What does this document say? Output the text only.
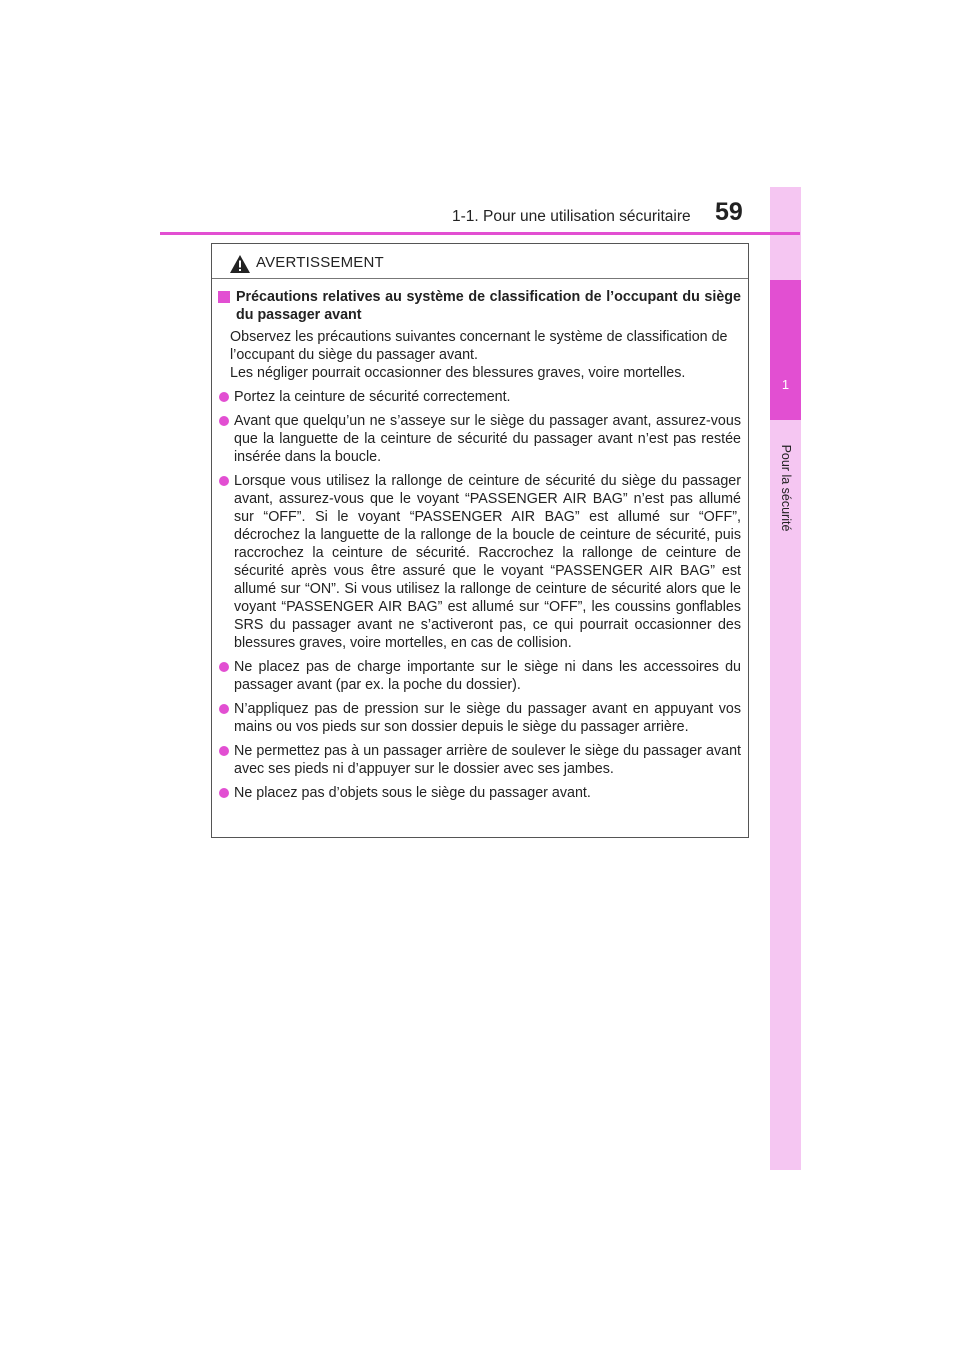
1
Pour la sécurité
1-1. Pour une utilisation sécuritaire 59
AVERTISSEMENT
Précautions relatives au système de classification de l’occupant du siège du passager avant

Observez les précautions suivantes concernant le système de classification de l’occupant du siège du passager avant.

Les négliger pourrait occasionner des blessures graves, voire mortelles.

Portez la ceinture de sécurité correctement.
Avant que quelqu’un ne s’asseye sur le siège du passager avant, assurez-vous que la languette de la ceinture de sécurité du passager avant n’est pas restée insérée dans la boucle.
Lorsque vous utilisez la rallonge de ceinture de sécurité du siège du passager avant, assurez-vous que le voyant “PASSENGER AIR BAG” n’est pas allumé sur “OFF”. Si le voyant “PASSENGER AIR BAG” est allumé sur “OFF”, décrochez la languette de la rallonge de la boucle de ceinture de sécurité, puis raccrochez la ceinture de sécurité. Raccrochez la rallonge de ceinture de sécurité après vous être assuré que le voyant “PASSENGER AIR BAG” est allumé sur “ON”. Si vous utilisez la rallonge de ceinture de sécurité alors que le voyant “PASSENGER AIR BAG” est allumé sur “OFF”, les coussins gonflables SRS du passager avant ne s’activeront pas, ce qui pourrait occasionner des blessures graves, voire mortelles, en cas de collision.
Ne placez pas de charge importante sur le siège ni dans les accessoires du passager avant (par ex. la poche du dossier).
N’appliquez pas de pression sur le siège du passager avant en appuyant vos mains ou vos pieds sur son dossier depuis le siège du passager arrière.
Ne permettez pas à un passager arrière de soulever le siège du passager avant avec ses pieds ni d’appuyer sur le dossier avec ses jambes.
Ne placez pas d’objets sous le siège du passager avant.
